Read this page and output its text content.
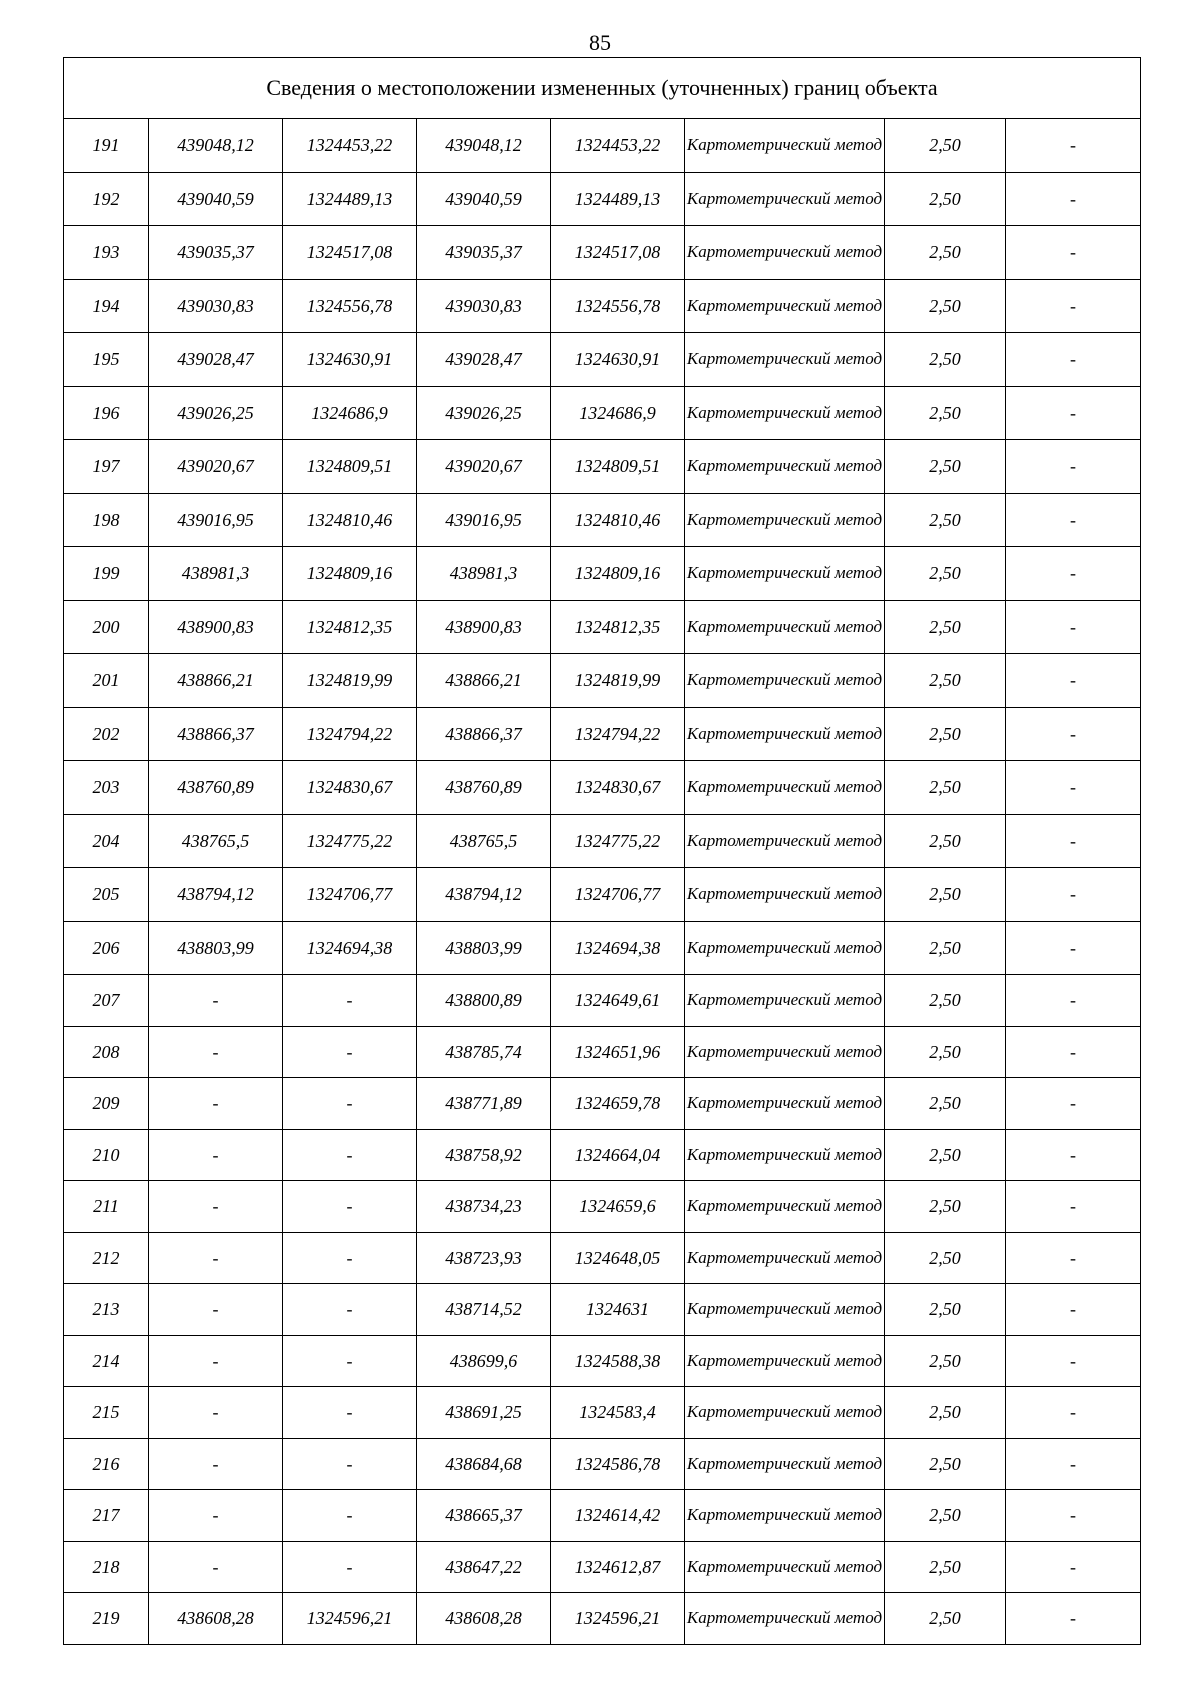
85
Сведения о местоположении измененных (уточненных) границ объекта							
191	439048,12	1324453,22	439048,12	1324453,22	Картометрический метод	2,50	-
192	439040,59	1324489,13	439040,59	1324489,13	Картометрический метод	2,50	-
193	439035,37	1324517,08	439035,37	1324517,08	Картометрический метод	2,50	-
194	439030,83	1324556,78	439030,83	1324556,78	Картометрический метод	2,50	-
195	439028,47	1324630,91	439028,47	1324630,91	Картометрический метод	2,50	-
196	439026,25	1324686,9	439026,25	1324686,9	Картометрический метод	2,50	-
197	439020,67	1324809,51	439020,67	1324809,51	Картометрический метод	2,50	-
198	439016,95	1324810,46	439016,95	1324810,46	Картометрический метод	2,50	-
199	438981,3	1324809,16	438981,3	1324809,16	Картометрический метод	2,50	-
200	438900,83	1324812,35	438900,83	1324812,35	Картометрический метод	2,50	-
201	438866,21	1324819,99	438866,21	1324819,99	Картометрический метод	2,50	-
202	438866,37	1324794,22	438866,37	1324794,22	Картометрический метод	2,50	-
203	438760,89	1324830,67	438760,89	1324830,67	Картометрический метод	2,50	-
204	438765,5	1324775,22	438765,5	1324775,22	Картометрический метод	2,50	-
205	438794,12	1324706,77	438794,12	1324706,77	Картометрический метод	2,50	-
206	438803,99	1324694,38	438803,99	1324694,38	Картометрический метод	2,50	-
207	-	-	438800,89	1324649,61	Картометрический метод	2,50	-
208	-	-	438785,74	1324651,96	Картометрический метод	2,50	-
209	-	-	438771,89	1324659,78	Картометрический метод	2,50	-
210	-	-	438758,92	1324664,04	Картометрический метод	2,50	-
211	-	-	438734,23	1324659,6	Картометрический метод	2,50	-
212	-	-	438723,93	1324648,05	Картометрический метод	2,50	-
213	-	-	438714,52	1324631	Картометрический метод	2,50	-
214	-	-	438699,6	1324588,38	Картометрический метод	2,50	-
215	-	-	438691,25	1324583,4	Картометрический метод	2,50	-
216	-	-	438684,68	1324586,78	Картометрический метод	2,50	-
217	-	-	438665,37	1324614,42	Картометрический метод	2,50	-
218	-	-	438647,22	1324612,87	Картометрический метод	2,50	-
219	438608,28	1324596,21	438608,28	1324596,21	Картометрический метод	2,50	-
